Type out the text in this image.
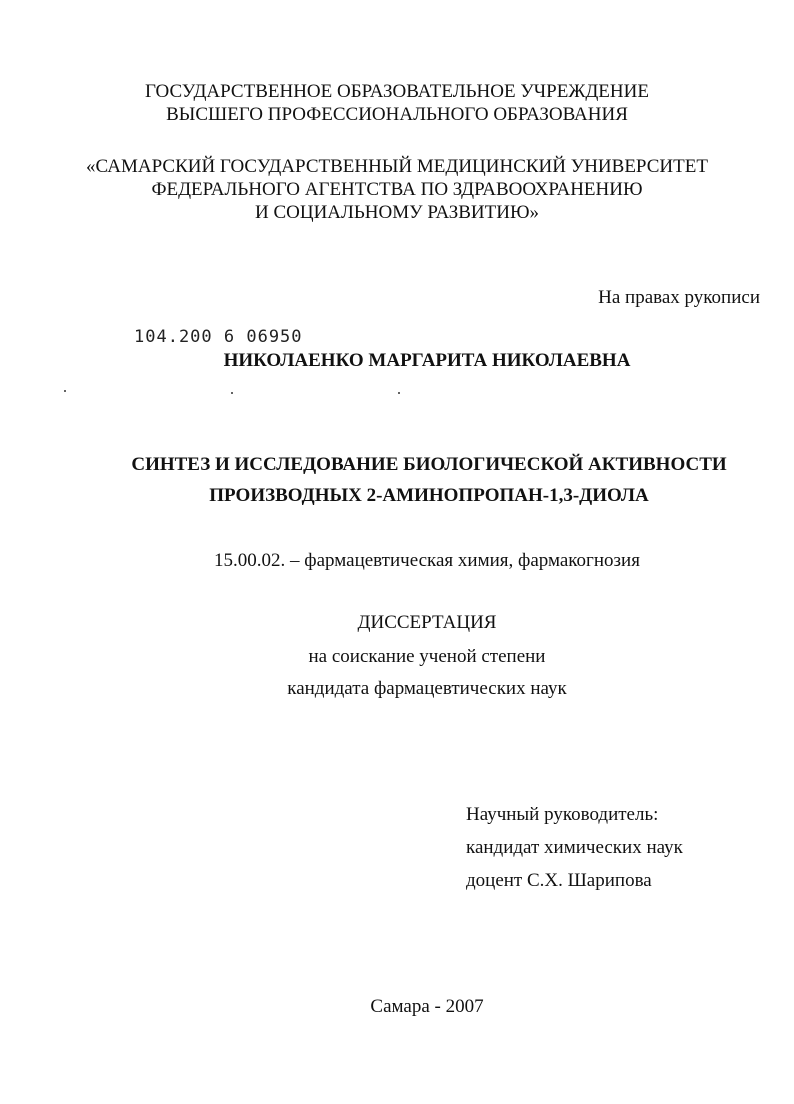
ГОСУДАРСТВЕННОЕ ОБРАЗОВАТЕЛЬНОЕ УЧРЕЖДЕНИЕ
ВЫСШЕГО ПРОФЕССИОНАЛЬНОГО ОБРАЗОВАНИЯ
«САМАРСКИЙ ГОСУДАРСТВЕННЫЙ МЕДИЦИНСКИЙ УНИВЕРСИТЕТ
ФЕДЕРАЛЬНОГО АГЕНТСТВА ПО ЗДРАВООХРАНЕНИЮ
И СОЦИАЛЬНОМУ РАЗВИТИЮ»
На правах рукописи
104.200 6 06950
НИКОЛАЕНКО МАРГАРИТА НИКОЛАЕВНА
СИНТЕЗ И ИССЛЕДОВАНИЕ БИОЛОГИЧЕСКОЙ АКТИВНОСТИ
ПРОИЗВОДНЫХ 2-АМИНОПРОПАН-1,3-ДИОЛА
15.00.02. – фармацевтическая химия, фармакогнозия
ДИССЕРТАЦИЯ
на соискание ученой степени
кандидата фармацевтических наук
Научный руководитель:
кандидат химических наук
доцент С.Х. Шарипова
Самара - 2007
